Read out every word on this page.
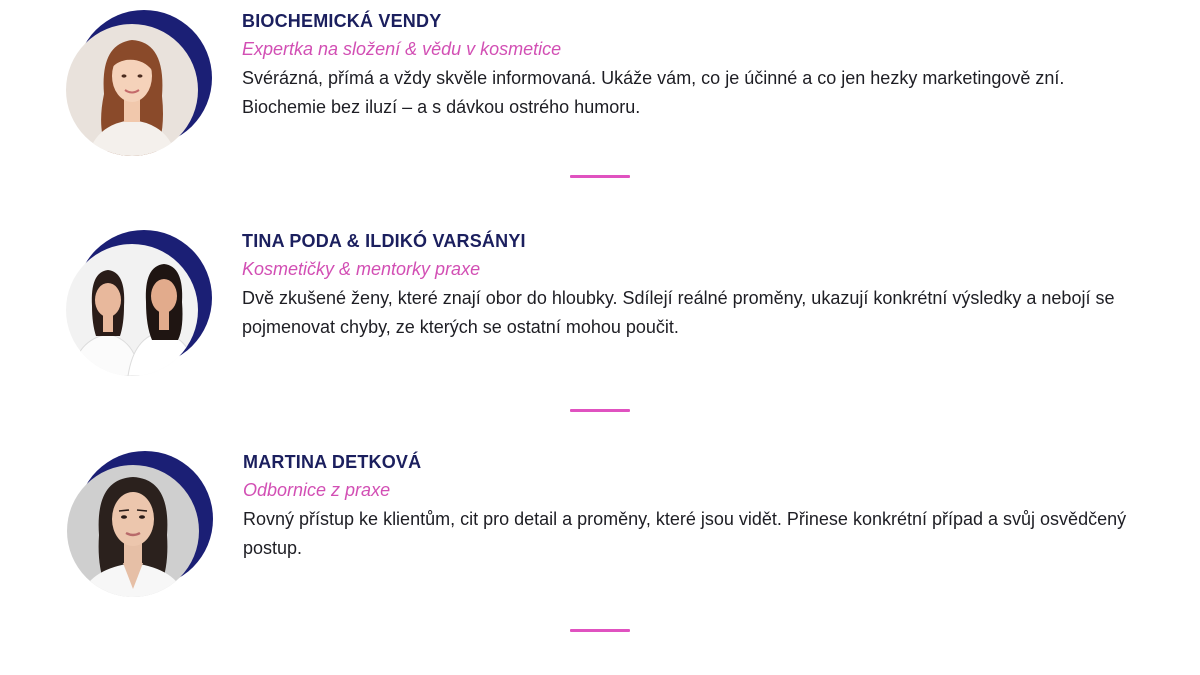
BIOCHEMICKÁ VENDY

Expertka na složení & vědu v kosmetice

Svérázná, přímá a vždy skvěle informovaná. Ukáže vám, co je účinné a co jen hezky marketingově zní. Biochemie bez iluzí – a s dávkou ostrého humoru.

TINA PODA & ILDIKÓ VARSÁNYI

Kosmetičky & mentorky praxe

Dvě zkušené ženy, které znají obor do hloubky. Sdílejí reálné proměny, ukazují konkrétní výsledky a nebojí se pojmenovat chyby, ze kterých se ostatní mohou poučit.

MARTINA DETKOVÁ

Odbornice z praxe

Rovný přístup ke klientům, cit pro detail a proměny, které jsou vidět. Přinese konkrétní případ a svůj osvědčený postup.
